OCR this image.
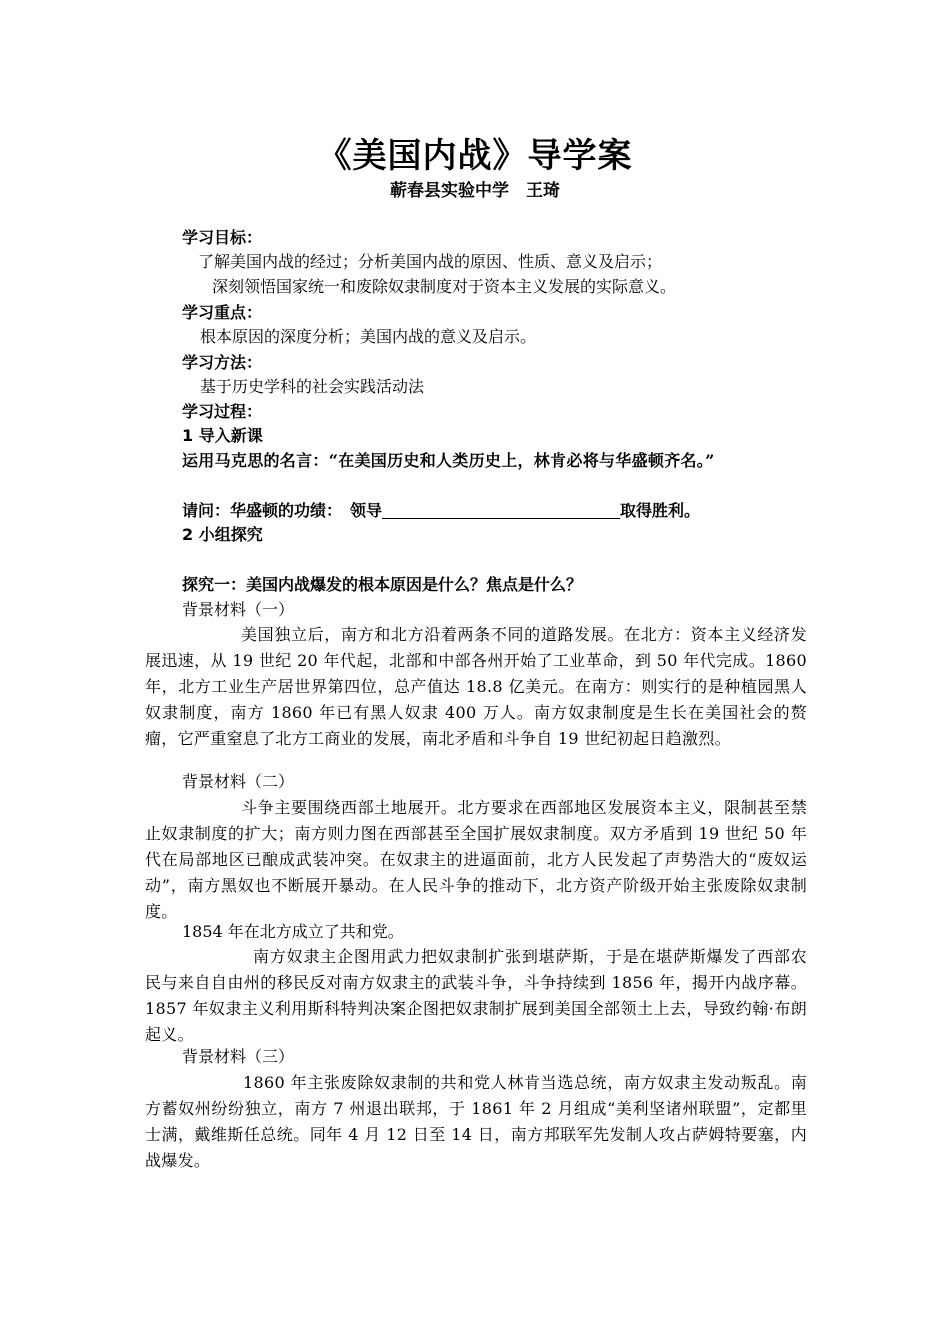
《美国内战》导学案
蕲春县实验中学　王琦
学习目标：
了解美国内战的经过；分析美国内战的原因、性质、意义及启示；
深刻领悟国家统一和废除奴隶制度对于资本主义发展的实际意义。
学习重点：
根本原因的深度分析；美国内战的意义及启示。
学习方法：
基于历史学科的社会实践活动法
学习过程：
1 导入新课
运用马克思的名言：“在美国历史和人类历史上，林肯必将与华盛顿齐名。”
请问：华盛顿的功绩：　领导	取得胜利。
2 小组探究
探究一：美国内战爆发的根本原因是什么？焦点是什么？
背景材料（一）
美国独立后，南方和北方沿着两条不同的道路发展。在北方：资本主义经济发展迅速，从 19 世纪 20 年代起，北部和中部各州开始了工业革命，到 50 年代完成。1860 年，北方工业生产居世界第四位，总产值达 18.8 亿美元。在南方：则实行的是种植园黑人奴隶制度，南方 1860 年已有黑人奴隶 400 万人。南方奴隶制度是生长在美国社会的赘瘤，它严重窒息了北方工商业的发展，南北矛盾和斗争自 19 世纪初起日趋激烈。
背景材料（二）
斗争主要围绕西部土地展开。北方要求在西部地区发展资本主义，限制甚至禁止奴隶制度的扩大；南方则力图在西部甚至全国扩展奴隶制度。双方矛盾到 19 世纪 50 年代在局部地区已酿成武装冲突。在奴隶主的进逼面前，北方人民发起了声势浩大的“废奴运动”，南方黑奴也不断展开暴动。在人民斗争的推动下，北方资产阶级开始主张废除奴隶制度。
1854 年在北方成立了共和党。
南方奴隶主企图用武力把奴隶制扩张到堪萨斯，于是在堪萨斯爆发了西部农民与来自自由州的移民反对南方奴隶主的武装斗争，斗争持续到 1856 年，揭开内战序幕。1857 年奴隶主义利用斯科特判决案企图把奴隶制扩展到美国全部领土上去，导致约翰·布朗起义。
背景材料（三）
1860 年主张废除奴隶制的共和党人林肯当选总统，南方奴隶主发动叛乱。南方蓄奴州纷纷独立，南方 7 州退出联邦，于 1861 年 2 月组成“美利坚诸州联盟”，定都里士满，戴维斯任总统。同年 4 月 12 日至 14 日，南方邦联军先发制人攻占萨姆特要塞，内战爆发。
